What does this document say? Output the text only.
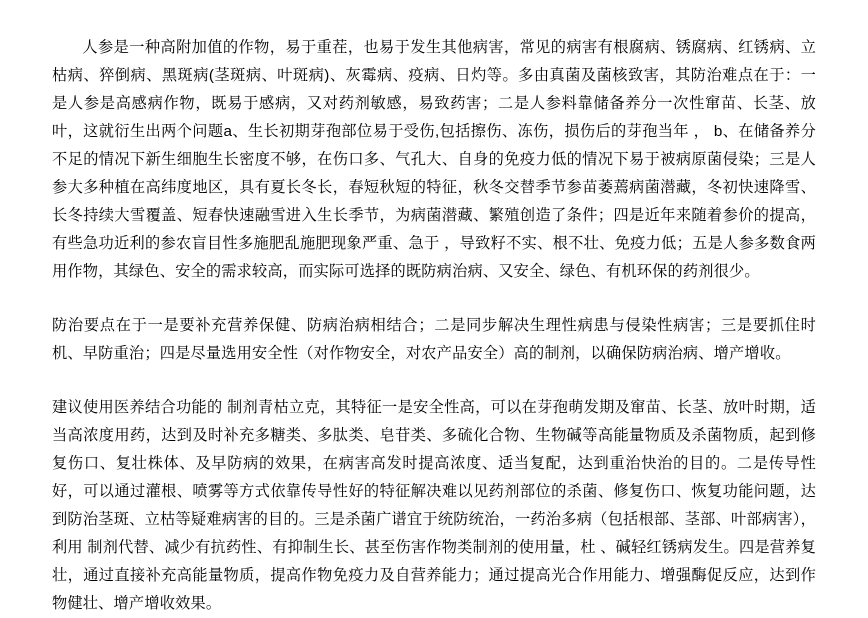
人参是一种高附加值的作物，易于重茬，也易于发生其他病害，常见的病害有根腐病、锈腐病、红锈病、立枯病、猝倒病、黑斑病(茎斑病、叶斑病)、灰霉病、疫病、日灼等。多由真菌及菌核致害，其防治难点在于：一是人参是高感病作物，既易于感病，又对药剂敏感，易致药害；二是人参料靠储备养分一次性窜苗、长茎、放叶，这就衍生出两个问题a、生长初期芽孢部位易于受伤,包括擦伤、冻伤，损伤后的芽孢当年 ， b、在储备养分不足的情况下新生细胞生长密度不够，在伤口多、气孔大、自身的免疫力低的情况下易于被病原菌侵染；三是人参大多种植在高纬度地区，具有夏长冬长，春短秋短的特征，秋冬交替季节参苗萎蔫病菌潜藏，冬初快速降雪、长冬持续大雪覆盖、短春快速融雪进入生长季节，为病菌潜藏、繁殖创造了条件；四是近年来随着参价的提高，有些急功近利的参农盲目性多施肥乱施肥现象严重、急于 ，导致籽不实、根不壮、免疫力低；五是人参多数食两用作物，其绿色、安全的需求较高，而实际可选择的既防病治病、又安全、绿色、有机环保的药剂很少。

防治要点在于一是要补充营养保健、防病治病相结合；二是同步解决生理性病患与侵染性病害；三是要抓住时机、早防重治；四是尽量选用安全性（对作物安全，对农产品安全）高的制剂，以确保防病治病、增产增收。

建议使用医养结合功能的 制剂青枯立克，其特征一是安全性高，可以在芽孢萌发期及窜苗、长茎、放叶时期，适当高浓度用药，达到及时补充多糖类、多肽类、皂苷类、多硫化合物、生物碱等高能量物质及杀菌物质，起到修复伤口、复壮株体、及早防病的效果，在病害高发时提高浓度、适当复配，达到重治快治的目的。二是传导性好，可以通过灌根、喷雾等方式依靠传导性好的特征解决难以见药剂部位的杀菌、修复伤口、恢复功能问题，达到防治茎斑、立枯等疑难病害的目的。三是杀菌广谱宜于统防统治，一药治多病（包括根部、茎部、叶部病害），利用 制剂代替、减少有抗药性、有抑制生长、甚至伤害作物类制剂的使用量，杜 、碱轻红锈病发生。四是营养复壮，通过直接补充高能量物质，提高作物免疫力及自营养能力；通过提高光合作用能力、增强酶促反应，达到作物健壮、增产增收效果。
